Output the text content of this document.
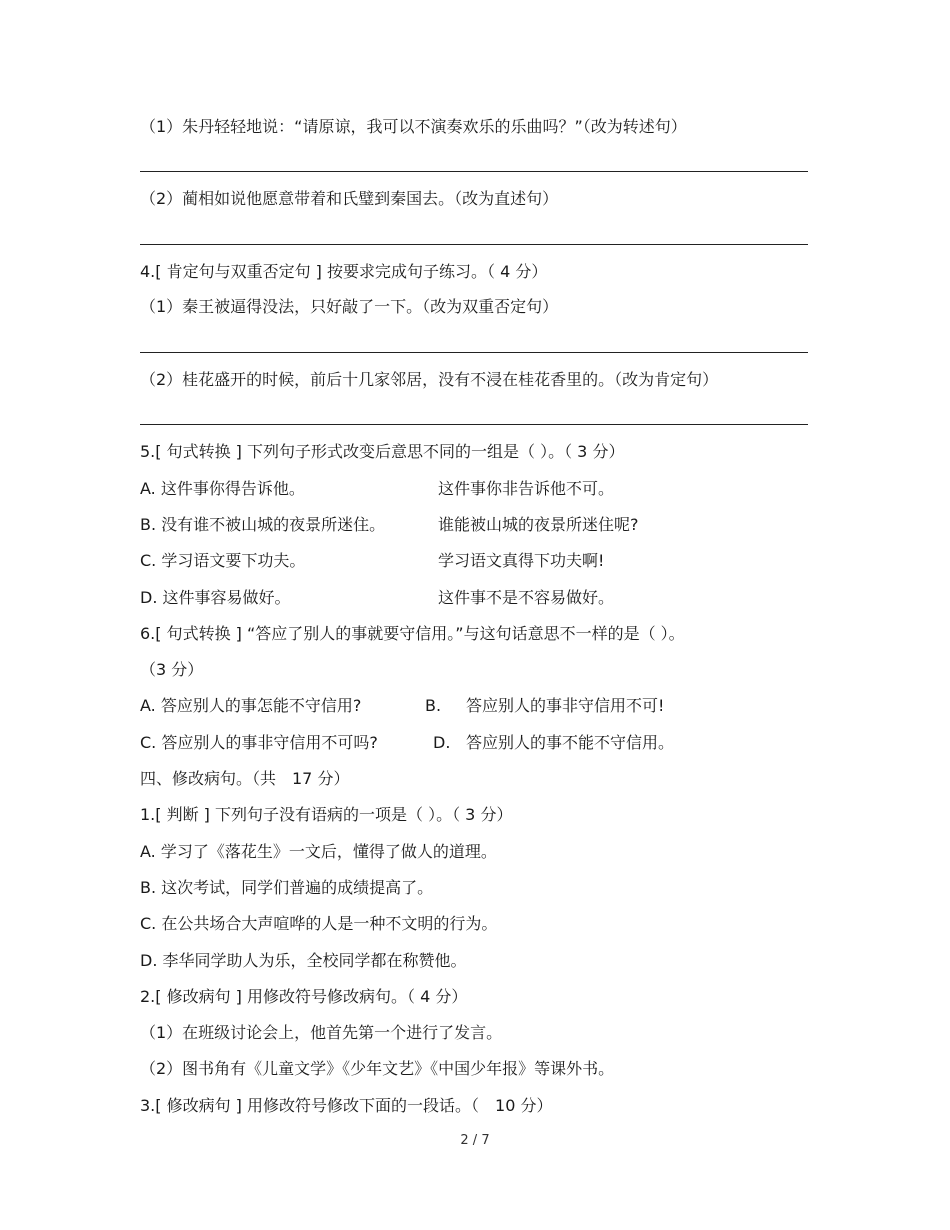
（1）朱丹轻轻地说：“请原谅，我可以不演奏欢乐的乐曲吗？”（改为转述句）
（2）蔺相如说他愿意带着和氏璧到秦国去。（改为直述句）
4.[ 肯定句与双重否定句 ] 按要求完成句子练习。（ 4 分）
（1）秦王被逼得没法，只好敲了一下。（改为双重否定句）
（2）桂花盛开的时候，前后十几家邻居，没有不浸在桂花香里的。（改为肯定句）
5.[ 句式转换 ] 下列句子形式改变后意思不同的一组是（ ）。（ 3 分）
A. 这件事你得告诉他。	这件事你非告诉他不可。
B. 没有谁不被山城的夜景所迷住。	谁能被山城的夜景所迷住呢?
C. 学习语文要下功夫。	学习语文真得下功夫啊!
D. 这件事容易做好。	这件事不是不容易做好。
6.[ 句式转换 ] “答应了别人的事就要守信用。”与这句话意思不一样的是（ ）。
（3 分）
A. 答应别人的事怎能不守信用?	B. 答应别人的事非守信用不可!
C. 答应别人的事非守信用不可吗?	D. 答应别人的事不能不守信用。
四、修改病句。（共　17 分）
1.[ 判断 ] 下列句子没有语病的一项是（ ）。（ 3 分）
A. 学习了《落花生》一文后，懂得了做人的道理。
B. 这次考试，同学们普遍的成绩提高了。
C. 在公共场合大声喧哗的人是一种不文明的行为。
D. 李华同学助人为乐，全校同学都在称赞他。
2.[ 修改病句 ] 用修改符号修改病句。（ 4 分）
（1）在班级讨论会上，他首先第一个进行了发言。
（2）图书角有《儿童文学》《少年文艺》《中国少年报》等课外书。
3.[ 修改病句 ] 用修改符号修改下面的一段话。（　10 分）
2 / 7
